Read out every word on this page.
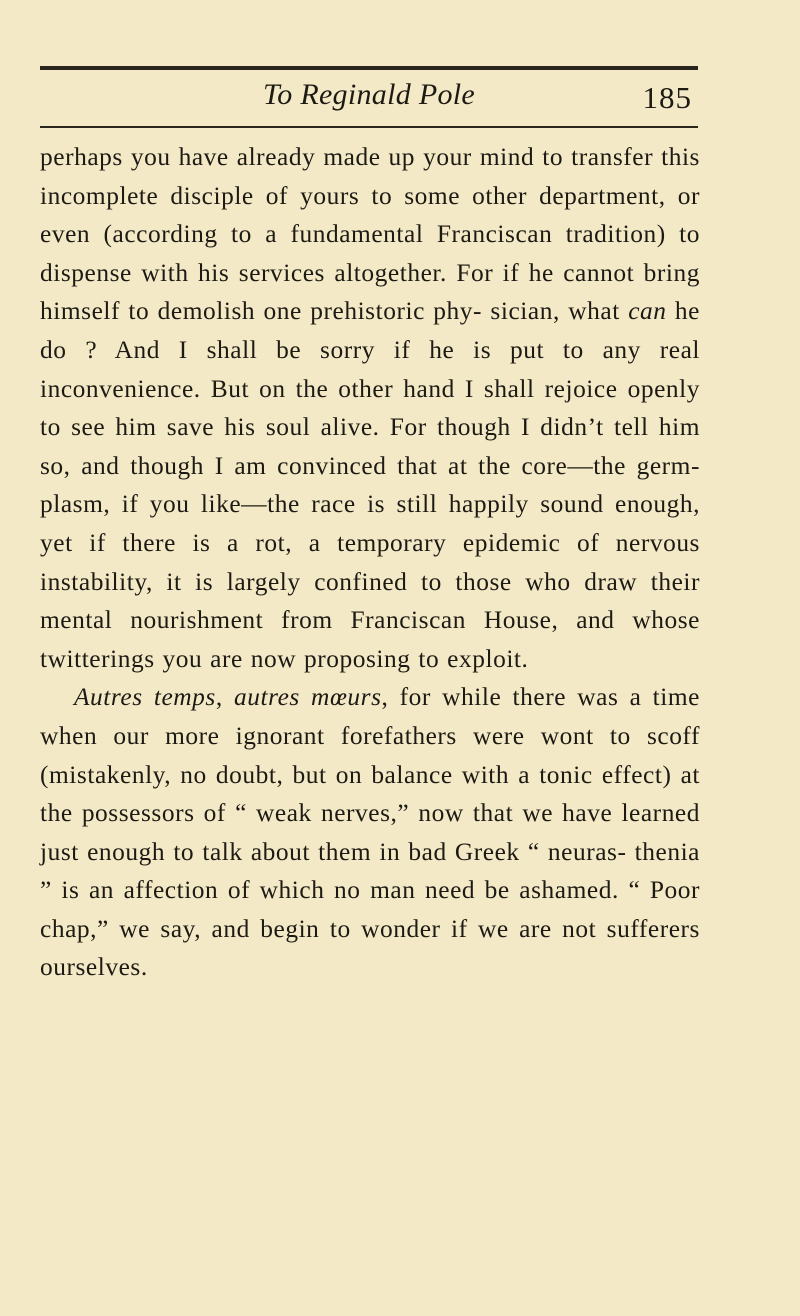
To Reginald Pole	185

perhaps you have already made up your mind to transfer this incomplete disciple of yours to some other department, or even (according to a fundamental Franciscan tradition) to dispense with his services altogether. For if he cannot bring himself to demolish one prehistoric phy- sician, what can he do ? And I shall be sorry if he is put to any real inconvenience. But on the other hand I shall rejoice openly to see him save his soul alive. For though I didn’t tell him so, and though I am convinced that at the core—the germ-plasm, if you like—the race is still happily sound enough, yet if there is a rot, a temporary epidemic of nervous instability, it is largely confined to those who draw their mental nourishment from Franciscan House, and whose twitterings you are now proposing to exploit.

Autres temps, autres mœurs, for while there was a time when our more ignorant forefathers were wont to scoff (mistakenly, no doubt, but on balance with a tonic effect) at the possessors of “ weak nerves,” now that we have learned just enough to talk about them in bad Greek “ neuras- thenia ” is an affection of which no man need be ashamed. “ Poor chap,” we say, and begin to wonder if we are not sufferers ourselves.
